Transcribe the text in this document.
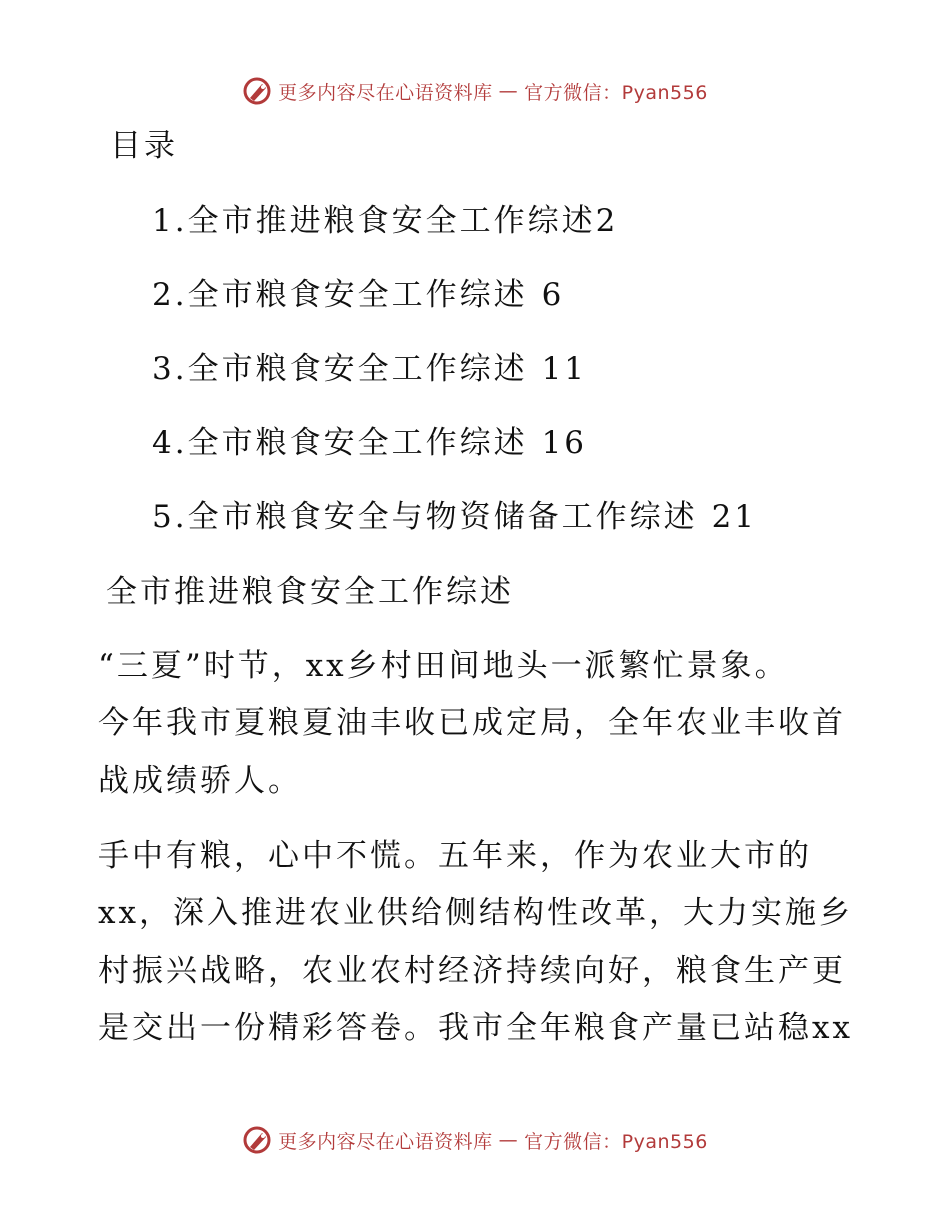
更多内容尽在心语资料库 — 官方微信：Pyan556
目录
1.全市推进粮食安全工作综述2
2.全市粮食安全工作综述 6
3.全市粮食安全工作综述 11
4.全市粮食安全工作综述 16
5.全市粮食安全与物资储备工作综述 21
全市推进粮食安全工作综述
“三夏”时节，xx乡村田间地头一派繁忙景象。
今年我市夏粮夏油丰收已成定局，全年农业丰收首
战成绩骄人。
手中有粮，心中不慌。五年来，作为农业大市的
xx，深入推进农业供给侧结构性改革，大力实施乡
村振兴战略，农业农村经济持续向好，粮食生产更
是交出一份精彩答卷。我市全年粮食产量已站稳xx
更多内容尽在心语资料库 — 官方微信：Pyan556
